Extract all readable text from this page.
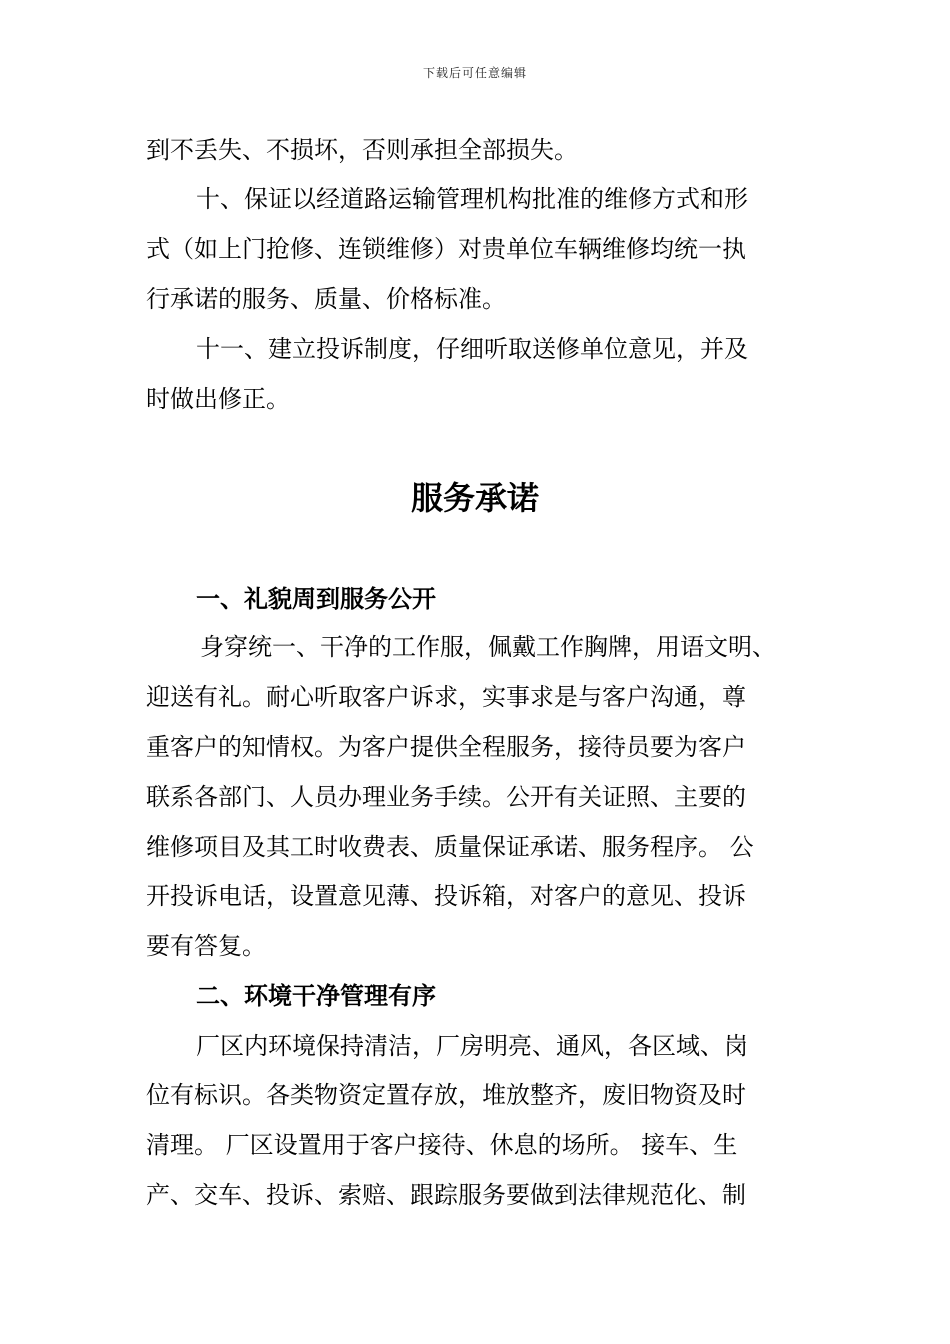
下载后可任意编辑
到不丢失、不损坏，否则承担全部损失。
十、保证以经道路运输管理机构批准的维修方式和形
式（如上门抢修、连锁维修）对贵单位车辆维修均统一执
行承诺的服务、质量、价格标准。
十一、建立投诉制度，仔细听取送修单位意见，并及
时做出修正。
服务承诺
一、礼貌周到服务公开
身穿统一、干净的工作服，佩戴工作胸牌，用语文明、
迎送有礼。耐心听取客户诉求，实事求是与客户沟通，尊
重客户的知情权。为客户提供全程服务，接待员要为客户
联系各部门、人员办理业务手续。公开有关证照、主要的
维修项目及其工时收费表、质量保证承诺、服务程序。 公
开投诉电话，设置意见薄、投诉箱，对客户的意见、投诉
要有答复。
二、环境干净管理有序
厂区内环境保持清洁，厂房明亮、通风，各区域、岗
位有标识。各类物资定置存放，堆放整齐，废旧物资及时
清理。 厂区设置用于客户接待、休息的场所。 接车、生
产、交车、投诉、索赔、跟踪服务要做到法律规范化、制
